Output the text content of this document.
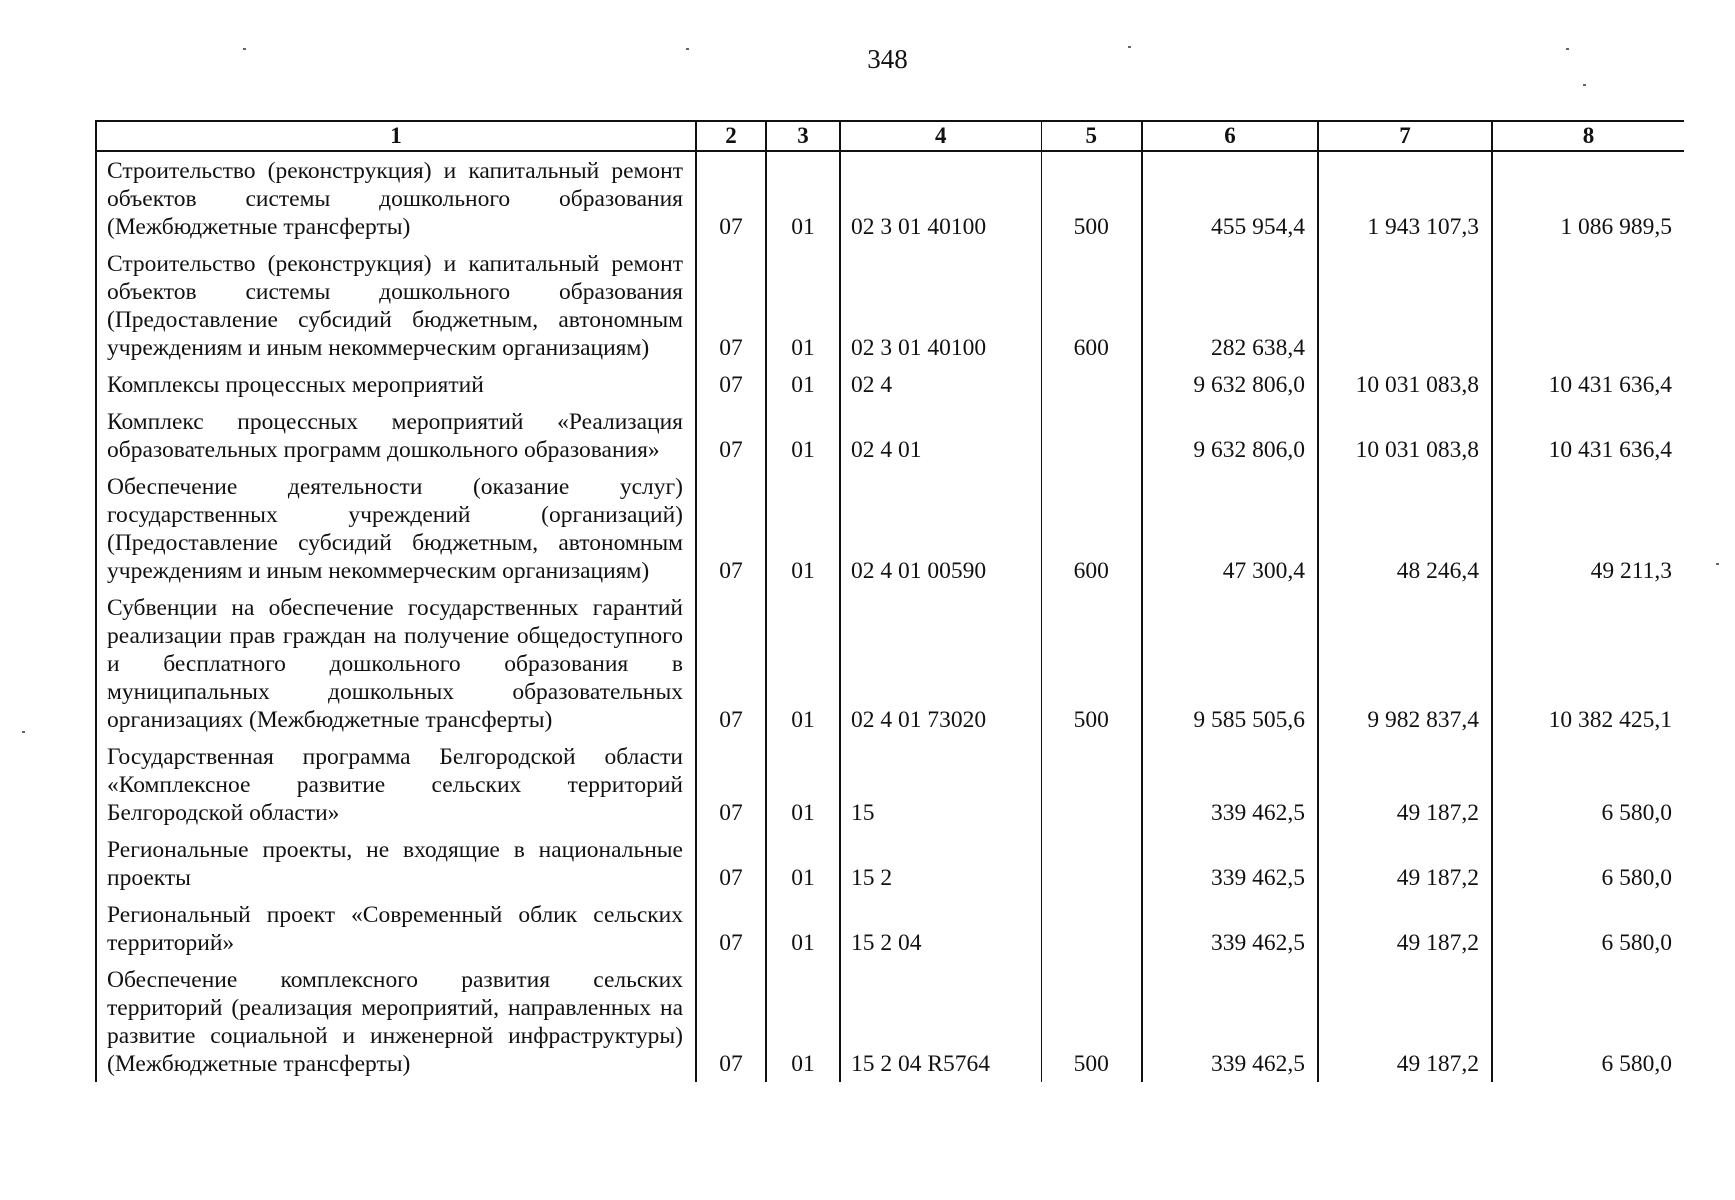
348
1	2	3	4	5	6	7	8
Строительство (реконструкция) и капитальный ремонт объектов системы дошкольного образования (Межбюджетные трансферты)	07	01	02 3 01 40100	500	455 954,4	1 943 107,3	1 086 989,5
Строительство (реконструкция) и капитальный ремонт объектов системы дошкольного образования (Предоставление субсидий бюджетным, автономным учреждениям и иным некоммерческим организациям)	07	01	02 3 01 40100	600	282 638,4		
Комплексы процессных мероприятий	07	01	02 4		9 632 806,0	10 031 083,8	10 431 636,4
Комплекс процессных мероприятий «Реализация образовательных программ дошкольного образования»	07	01	02 4 01		9 632 806,0	10 031 083,8	10 431 636,4
Обеспечение деятельности (оказание услуг) государственных учреждений (организаций) (Предоставление субсидий бюджетным, автономным учреждениям и иным некоммерческим организациям)	07	01	02 4 01 00590	600	47 300,4	48 246,4	49 211,3
Субвенции на обеспечение государственных гарантий реализации прав граждан на получение общедоступного и бесплатного дошкольного образования в муниципальных дошкольных образовательных организациях (Межбюджетные трансферты)	07	01	02 4 01 73020	500	9 585 505,6	9 982 837,4	10 382 425,1
Государственная программа Белгородской области «Комплексное развитие сельских территорий Белгородской области»	07	01	15		339 462,5	49 187,2	6 580,0
Региональные проекты, не входящие в национальные проекты	07	01	15 2		339 462,5	49 187,2	6 580,0
Региональный проект «Современный облик сельских территорий»	07	01	15 2 04		339 462,5	49 187,2	6 580,0
Обеспечение комплексного развития сельских территорий (реализация мероприятий, направленных на развитие социальной и инженерной инфраструктуры) (Межбюджетные трансферты)	07	01	15 2 04 R5764	500	339 462,5	49 187,2	6 580,0
